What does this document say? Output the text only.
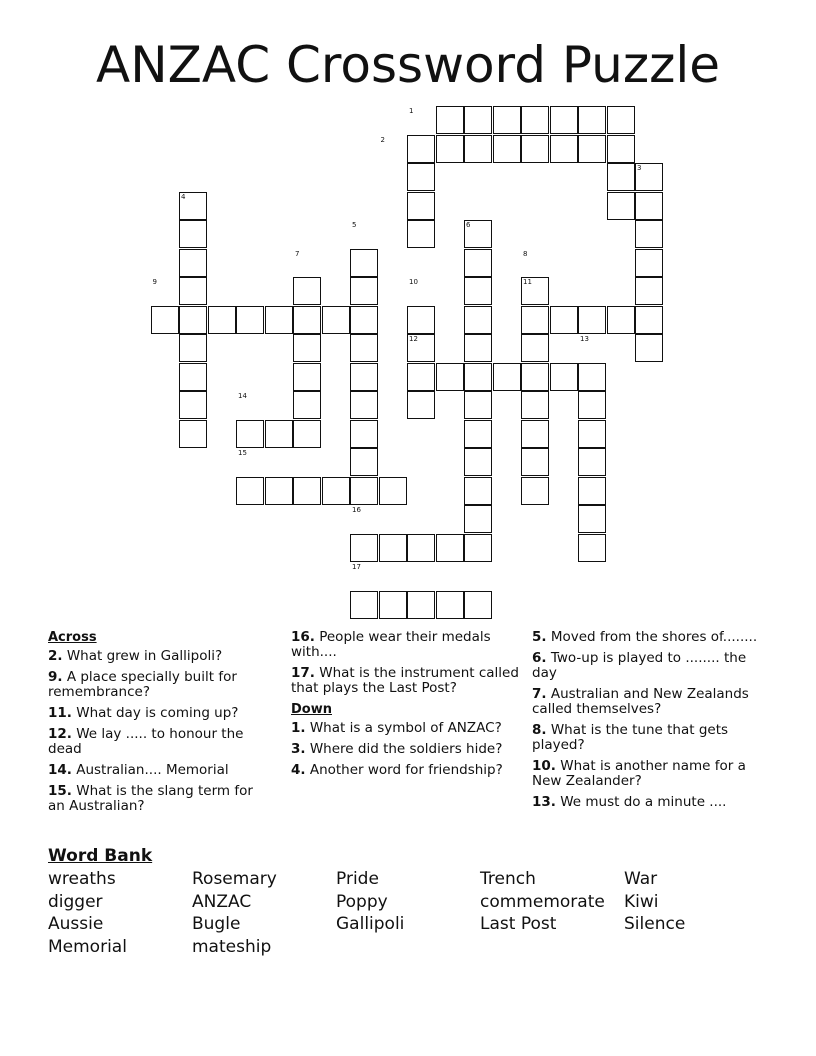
ANZAC Crossword Puzzle
1
2
3
4
5	6
7	8
9	10	11
12	13
14
15
16
17
Across
2. What grew in Gallipoli?
9. A place specially built for remembrance?
11. What day is coming up?
12. We lay ..... to honour the dead
14. Australian.... Memorial
15. What is the slang term for an Australian?
16. People wear their medals with....
17. What is the instrument called that plays the Last Post?
Down
1. What is a symbol of ANZAC?
3. Where did the soldiers hide?
4. Another word for friendship?
5. Moved from the shores of........
6. Two-up is played to ........ the day
7. Australian and New Zealands called themselves?
8. What is the tune that gets played?
10. What is another name for a New Zealander?
13. We must do a minute ....
Word Bank
wreaths	Rosemary	Pride	Trench	War
digger	ANZAC	Poppy	commemorate	Kiwi
Aussie	Bugle	Gallipoli	Last Post	Silence
Memorial	mateship
